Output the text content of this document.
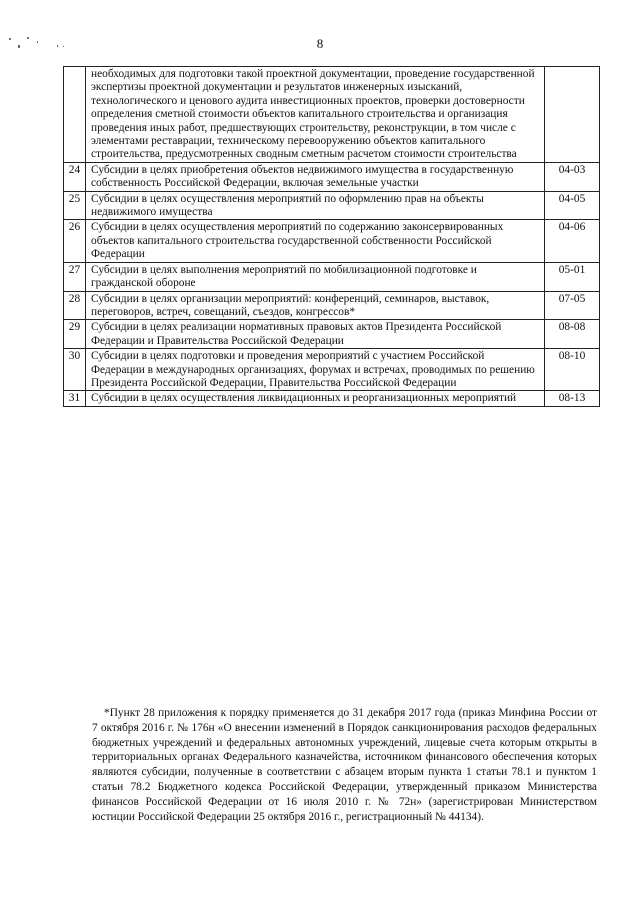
8
	необходимых для подготовки такой проектной документации, проведение государственной экспертизы проектной документации и результатов инженерных изысканий, технологического и ценового аудита инвестиционных проектов, проверки достоверности определения сметной стоимости объектов капитального строительства и организация проведения иных работ, предшествующих строительству, реконструкции, в том числе с элементами реставрации, техническому перевооружению объектов капитального строительства, предусмотренных сводным сметным расчетом стоимости строительства	
24	Субсидии в целях приобретения объектов недвижимого имущества в государственную собственность Российской Федерации, включая земельные участки	04-03
25	Субсидии в целях осуществления мероприятий по оформлению прав на объекты недвижимого имущества	04-05
26	Субсидии в целях осуществления мероприятий по содержанию законсервированных объектов капитального строительства государственной собственности Российской Федерации	04-06
27	Субсидии в целях выполнения мероприятий по мобилизационной подготовке и гражданской обороне	05-01
28	Субсидии в целях организации мероприятий: конференций, семинаров, выставок, переговоров, встреч, совещаний, съездов, конгрессов*	07-05
29	Субсидии в целях реализации нормативных правовых актов Президента Российской Федерации и Правительства Российской Федерации	08-08
30	Субсидии в целях подготовки и проведения мероприятий с участием Российской Федерации в международных организациях, форумах и встречах, проводимых по решению Президента Российской Федерации, Правительства Российской Федерации	08-10
31	Субсидии в целях осуществления ликвидационных и реорганизационных мероприятий	08-13
*Пункт 28 приложения к порядку применяется до 31 декабря 2017 года (приказ Минфина России от 7 октября 2016 г. № 176н «О внесении изменений в Порядок санкционирования расходов федеральных бюджетных учреждений и федеральных автономных учреждений, лицевые счета которым открыты в территориальных органах Федерального казначейства, источником финансового обеспечения которых являются субсидии, полученные в соответствии с абзацем вторым пункта 1 статьи 78.1 и пунктом 1 статьи 78.2 Бюджетного кодекса Российской Федерации, утвержденный приказом Министерства финансов Российской Федерации от 16 июля 2010 г. № 72н» (зарегистрирован Министерством юстиции Российской Федерации 25 октября 2016 г., регистрационный № 44134).
